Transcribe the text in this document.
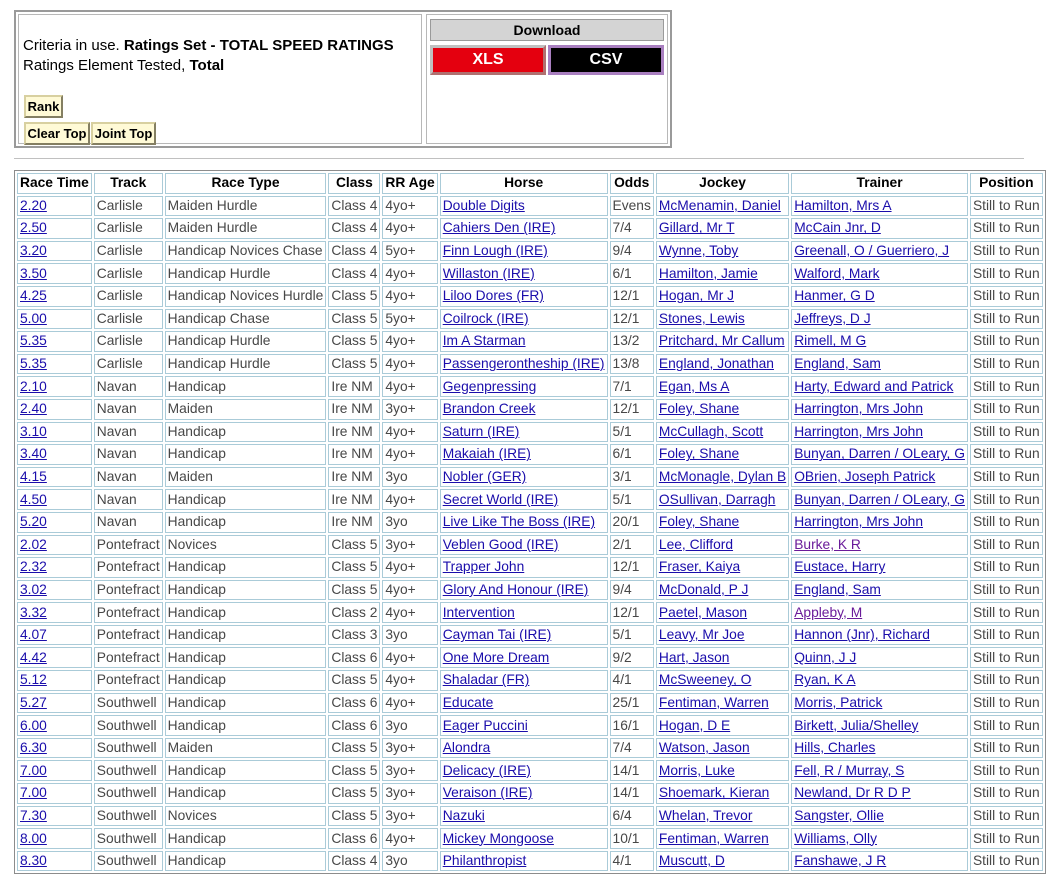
Criteria in use. Ratings Set - TOTAL SPEED RATINGS
Ratings Element Tested, Total
Rank
Clear Top Joint Top
Download
XLS	CSV
Race Time	Track	Race Type	Class	RR Age	Horse	Odds	Jockey	Trainer	Position
2.20	Carlisle	Maiden Hurdle	Class 4	4yo+	Double Digits	Evens	McMenamin, Daniel	Hamilton, Mrs A	Still to Run
2.50	Carlisle	Maiden Hurdle	Class 4	4yo+	Cahiers Den (IRE)	7/4	Gillard, Mr T	McCain Jnr, D	Still to Run
3.20	Carlisle	Handicap Novices Chase	Class 4	5yo+	Finn Lough (IRE)	9/4	Wynne, Toby	Greenall, O / Guerriero, J	Still to Run
3.50	Carlisle	Handicap Hurdle	Class 4	4yo+	Willaston (IRE)	6/1	Hamilton, Jamie	Walford, Mark	Still to Run
4.25	Carlisle	Handicap Novices Hurdle	Class 5	4yo+	Liloo Dores (FR)	12/1	Hogan, Mr J	Hanmer, G D	Still to Run
5.00	Carlisle	Handicap Chase	Class 5	5yo+	Coilrock (IRE)	12/1	Stones, Lewis	Jeffreys, D J	Still to Run
5.35	Carlisle	Handicap Hurdle	Class 5	4yo+	Im A Starman	13/2	Pritchard, Mr Callum	Rimell, M G	Still to Run
5.35	Carlisle	Handicap Hurdle	Class 5	4yo+	Passengerontheship (IRE)	13/8	England, Jonathan	England, Sam	Still to Run
2.10	Navan	Handicap	Ire NM	4yo+	Gegenpressing	7/1	Egan, Ms A	Harty, Edward and Patrick	Still to Run
2.40	Navan	Maiden	Ire NM	3yo+	Brandon Creek	12/1	Foley, Shane	Harrington, Mrs John	Still to Run
3.10	Navan	Handicap	Ire NM	4yo+	Saturn (IRE)	5/1	McCullagh, Scott	Harrington, Mrs John	Still to Run
3.40	Navan	Handicap	Ire NM	4yo+	Makaiah (IRE)	6/1	Foley, Shane	Bunyan, Darren / OLeary, G	Still to Run
4.15	Navan	Maiden	Ire NM	3yo	Nobler (GER)	3/1	McMonagle, Dylan B	OBrien, Joseph Patrick	Still to Run
4.50	Navan	Handicap	Ire NM	4yo+	Secret World (IRE)	5/1	OSullivan, Darragh	Bunyan, Darren / OLeary, G	Still to Run
5.20	Navan	Handicap	Ire NM	3yo	Live Like The Boss (IRE)	20/1	Foley, Shane	Harrington, Mrs John	Still to Run
2.02	Pontefract	Novices	Class 5	3yo+	Veblen Good (IRE)	2/1	Lee, Clifford	Burke, K R	Still to Run
2.32	Pontefract	Handicap	Class 5	4yo+	Trapper John	12/1	Fraser, Kaiya	Eustace, Harry	Still to Run
3.02	Pontefract	Handicap	Class 5	4yo+	Glory And Honour (IRE)	9/4	McDonald, P J	England, Sam	Still to Run
3.32	Pontefract	Handicap	Class 2	4yo+	Intervention	12/1	Paetel, Mason	Appleby, M	Still to Run
4.07	Pontefract	Handicap	Class 3	3yo	Cayman Tai (IRE)	5/1	Leavy, Mr Joe	Hannon (Jnr), Richard	Still to Run
4.42	Pontefract	Handicap	Class 6	4yo+	One More Dream	9/2	Hart, Jason	Quinn, J J	Still to Run
5.12	Pontefract	Handicap	Class 5	4yo+	Shaladar (FR)	4/1	McSweeney, O	Ryan, K A	Still to Run
5.27	Southwell	Handicap	Class 6	4yo+	Educate	25/1	Fentiman, Warren	Morris, Patrick	Still to Run
6.00	Southwell	Handicap	Class 6	3yo	Eager Puccini	16/1	Hogan, D E	Birkett, Julia/Shelley	Still to Run
6.30	Southwell	Maiden	Class 5	3yo+	Alondra	7/4	Watson, Jason	Hills, Charles	Still to Run
7.00	Southwell	Handicap	Class 5	3yo+	Delicacy (IRE)	14/1	Morris, Luke	Fell, R / Murray, S	Still to Run
7.00	Southwell	Handicap	Class 5	3yo+	Veraison (IRE)	14/1	Shoemark, Kieran	Newland, Dr R D P	Still to Run
7.30	Southwell	Novices	Class 5	3yo+	Nazuki	6/4	Whelan, Trevor	Sangster, Ollie	Still to Run
8.00	Southwell	Handicap	Class 6	4yo+	Mickey Mongoose	10/1	Fentiman, Warren	Williams, Olly	Still to Run
8.30	Southwell	Handicap	Class 4	3yo	Philanthropist	4/1	Muscutt, D	Fanshawe, J R	Still to Run
